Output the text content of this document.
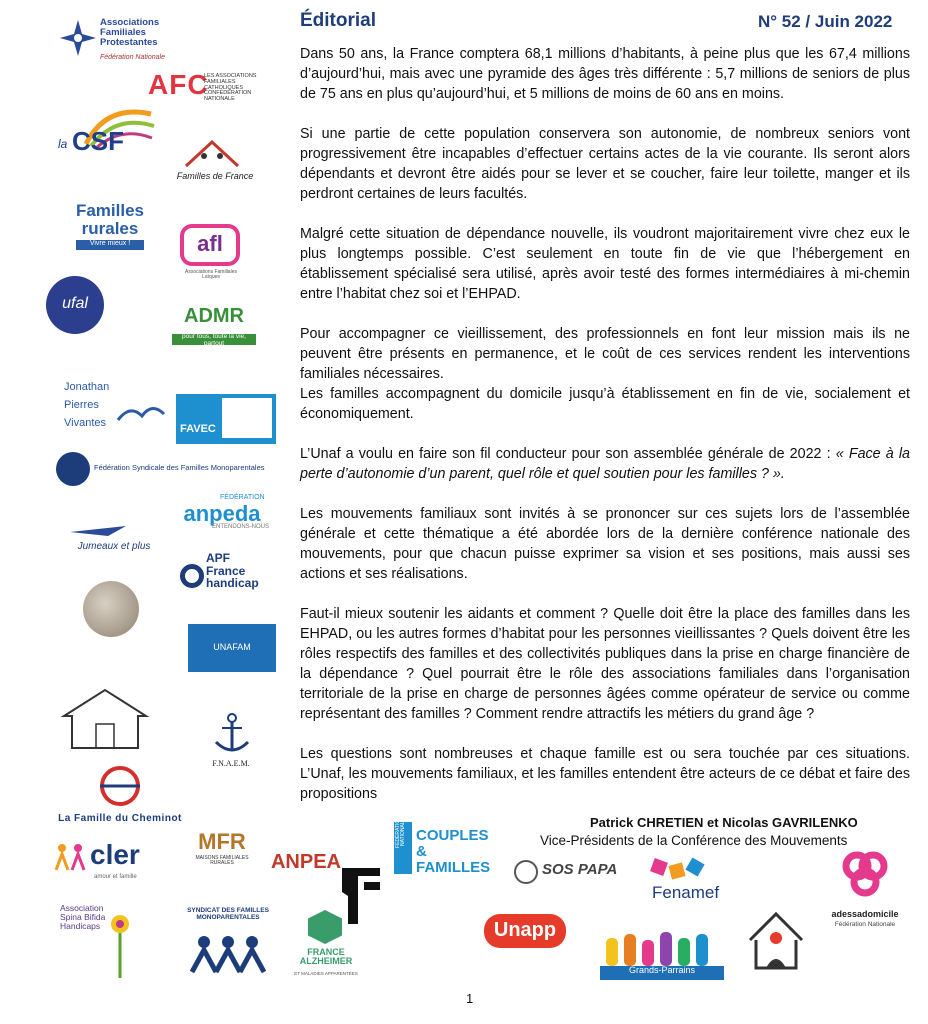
Éditorial	N° 52 / Juin 2022

Dans 50 ans, la France comptera 68,1 millions d’habitants, à peine plus que les 67,4 millions d’aujourd’hui, mais avec une pyramide des âges très différente : 5,7 millions de seniors de plus de 75 ans en plus qu’aujourd’hui, et 5 millions de moins de 60 ans en moins.

Si une partie de cette population conservera son autonomie, de nombreux seniors vont progressivement être incapables d’effectuer certains actes de la vie courante. Ils seront alors dépendants et devront être aidés pour se lever et se coucher, faire leur toilette, manger et ils perdront certaines de leurs facultés.

Malgré cette situation de dépendance nouvelle, ils voudront majoritairement vivre chez eux le plus longtemps possible. C’est seulement en toute fin de vie que l’hébergement en établissement spécialisé sera utilisé, après avoir testé des formes intermédiaires à mi-chemin entre l’habitat chez soi et l’EHPAD.

Pour accompagner ce vieillissement, des professionnels en font leur mission mais ils ne peuvent être présents en permanence, et le coût de ces services rendent les interventions familiales nécessaires.

Les familles accompagnent du domicile jusqu’à établissement en fin de vie, socialement et économiquement.

L’Unaf a voulu en faire son fil conducteur pour son assemblée générale de 2022 : « Face à la perte d’autonomie d’un parent, quel rôle et quel soutien pour les familles ? ».

Les mouvements familiaux sont invités à se prononcer sur ces sujets lors de l’assemblée générale et cette thématique a été abordée lors de la dernière conférence nationale des mouvements, pour que chacun puisse exprimer sa vision et ses positions, mais aussi ses actions et ses réalisations.

Faut-il mieux soutenir les aidants et comment ? Quelle doit être la place des familles dans les EHPAD, ou les autres formes d’habitat pour les personnes vieillissantes ? Quels doivent être les rôles respectifs des familles et des collectivités publiques dans la prise en charge financière de la dépendance ? Quel pourrait être le rôle des associations familiales dans l’organisation territoriale de la prise en charge de personnes âgées comme opérateur de service ou comme représentant des familles ? Comment rendre attractifs les métiers du grand âge ?

Les questions sont nombreuses et chaque famille est ou sera touchée par ces situations. L’Unaf, les mouvements familiaux, et les familles entendent être acteurs de ce débat et faire des propositions

Patrick CHRETIEN et Nicolas GAVRILENKO
Vice-Présidents de la Conférence des Mouvements
1
Associations Familiales Protestantes
Fédération Nationale
AFC
LES ASSOCIATIONS FAMILIALES CATHOLIQUES CONFÉDÉRATION NATIONALE
la CSF
Familles de France
Familles rurales
Vivre mieux !	afl
Associations Familiales Laïques
ufal
ADMR
pour tous, toute la vie, partout
Jonathan Pierres Vivantes	FAVEC
Fédération Syndicale des Familles Monoparentales
FÉDÉRATION
anpeda
ENTENDONS-NOUS
Jumeaux et plus
APF France handicap
UNAFAM
F.N.A.E.M.
La Famille du Cheminot
cler
amour et famille
MFR
MAISONS FAMILIALES RURALES	ANPEA
FÉDÉRATION NATIONALE COUPLES & FAMILLES	SOS PAPA
Fenamef
adessadomicile
Fédération Nationale
Association Spina Bifida Handicaps
SYNDICAT DES FAMILLES MONOPARENTALES
FRANCE ALZHEIMER
ET MALADIES APPARENTÉES
Unapp
Grands-Parrains
